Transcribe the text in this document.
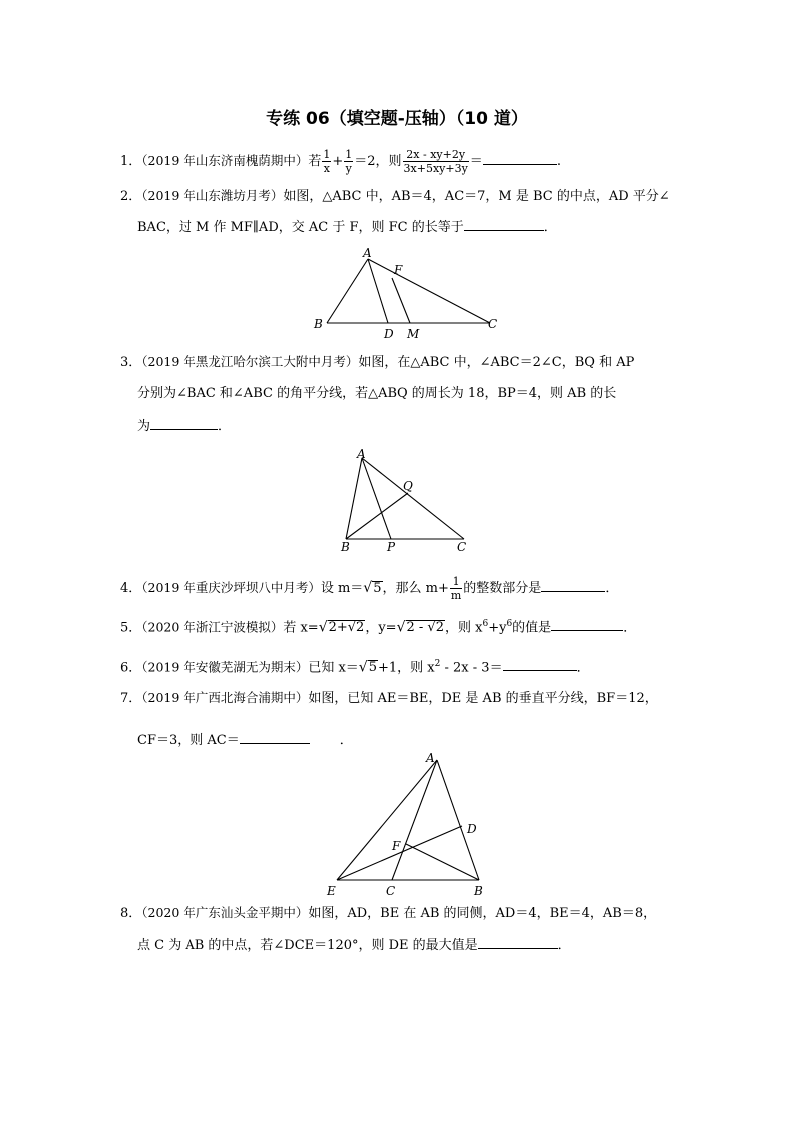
专练 06（填空题-压轴）（10 道）
1．（2019 年山东济南槐荫期中）若 $\frac{1}{x} + \frac{1}{y} =2$，则 $\frac{2x - xy+2y}{3x+5xy+3y}$ ＝	.
2．（2019 年山东潍坊月考）如图，△ABC 中，AB＝4，AC＝7，M 是 BC 的中点，AD 平分∠
BAC，过 M 作 MF∥AD，交 AC 于 F，则 FC 的长等于	．
A
F
B
D M
C
3．（2019 年黑龙江哈尔滨工大附中月考）如图，在△ABC 中，∠ABC＝2∠C，BQ 和 AP
分别为∠BAC 和∠ABC 的角平分线，若△ABQ 的周长为 18，BP＝4，则 AB 的长
为	．
A
Q
B	P	C
4．（2019 年重庆沙坪坝八中月考）设 m＝√5，那么 $m+ \frac{1}{m}$ 的整数部分是	．
5．（2020 年浙江宁波模拟）若 x=√2+√2，y=√2 - √2，则 $x^6+y^6$的值是	．
6．（2019 年安徽芜湖无为期末）已知 x＝√5+1，则 $x^2 - 2x - 3=$	．
7．（2019 年广西北海合浦期中）如图，已知 AE＝BE，DE 是 AB 的垂直平分线，BF＝12，
CF＝3，则 AC＝	．
A
D
F
E	C	B
8．（2020 年广东汕头金平期中）如图，AD，BE 在 AB 的同侧，AD＝4，BE＝4，AB＝8，
点 C 为 AB 的中点，若∠DCE＝120°，则 DE 的最大值是	．
